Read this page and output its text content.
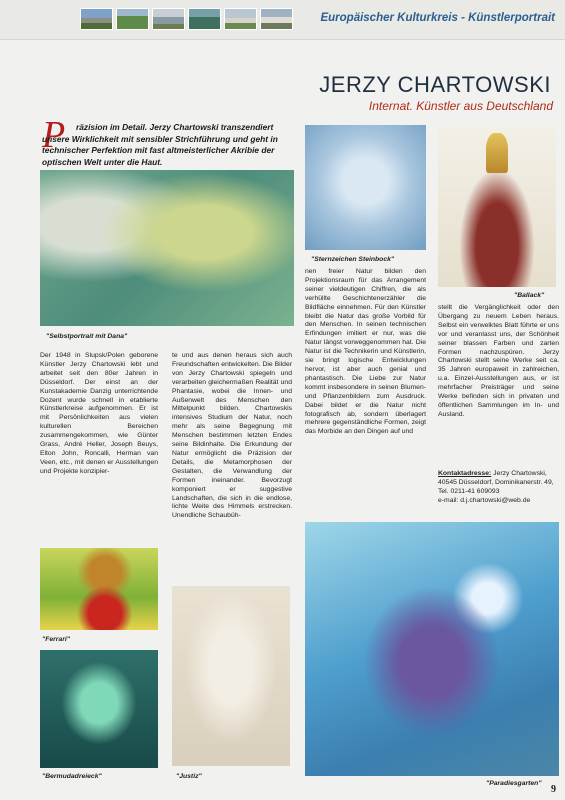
Europäischer Kulturkreis - Künstlerportrait
JERZY CHARTOWSKI
Internat. Künstler aus Deutschland
P	räzision im Detail. Jerzy Chartowski transzendiert unsere Wirklichkeit mit sensibler Strichführung und geht in technischer Perfektion mit fast altmeisterlicher Akribie der optischen Welt unter die Haut.
"Selbstportrait mit Dana"
"Sternzeichen Steinbock"
"Ballack"
Der 1948 in Slupsk/Polen geborene Künstler Jerzy Chartowski lebt und arbeitet seit den 80er Jahren in Düsseldorf. Der einst an der Kunstakademie Danzig unterrichtende Dozent wurde schnell in etablierte Künstlerkreise aufgenommen. Er ist mit Persönlichkeiten aus vielen kulturellen Bereichen zusammengekommen, wie Günter Grass, André Heller, Joseph Beuys, Elton John, Roncalli, Herman van Veen, etc., mit denen er Ausstellungen und Projekte konzipier-
te und aus denen heraus sich auch Freundschaften entwickelten. Die Bilder von Jerzy Chartowski spiegeln und verarbeiten gleichermaßen Realität und Phantasie, wobei die Innen- und Außenwelt des Menschen den Mittelpunkt bilden. Chartowskis intensives Studium der Natur, noch mehr als seine Begegnung mit Menschen bestimmen letzten Endes seine Bildinhalte. Die Erkundung der Natur ermöglicht die Präzision der Details, die Metamorphosen der Gestalten, die Verwandlung der Formen ineinander. Bevorzugt komponiert er suggestive Landschaften, die sich in die endlose, lichte Weite des Himmels erstrecken. Unendliche Schaubüh-
nen freier Natur bilden den Projektionsraum für das Arrangement seiner vieldeutigen Chiffren, die als verhüllte Geschichtenerzähler die Bildfläche einnehmen. Für den Künstler bleibt die Natur das große Vorbild für den Menschen. In seinen technischen Erfindungen imitiert er nur, was die Natur längst vorweggenommen hat. Die Natur ist die Technikerin und Künstlerin, sie bringt logische Entwicklungen hervor, ist aber auch genial und phantastisch. Die Liebe zur Natur kommt insbesondere in seinen Blumen- und Pflanzenbildern zum Ausdruck. Dabei bildet er die Natur nicht fotografisch ab, sondern überlagert mehrere gegenständliche Formen, zeigt das Morbide an den Dingen auf und
stellt die Vergänglichkeit oder den Übergang zu neuem Leben heraus. Selbst ein verwelktes Blatt führte er uns vor und veranlasst uns, der Schönheit seiner blassen Farben und zarten Formen nachzuspüren. Jerzy Chartowski stellt seine Werke seit ca. 35 Jahren europaweit in zahlreichen, u.a. Einzel-Ausstellungen aus, er ist mehrfacher Preisträger und seine Werke befinden sich in privaten und öffentlichen Sammlungen im In- und Ausland.
Kontaktadresse: Jerzy Chartowski, 40545 Düsseldorf, Dominikanerstr. 49, Tel. 0211-41 609093
e-mail: d.j.chartowski@web.de
"Ferrari"
"Bermudadreieck"	"Justiz"
"Paradiesgarten"
9
